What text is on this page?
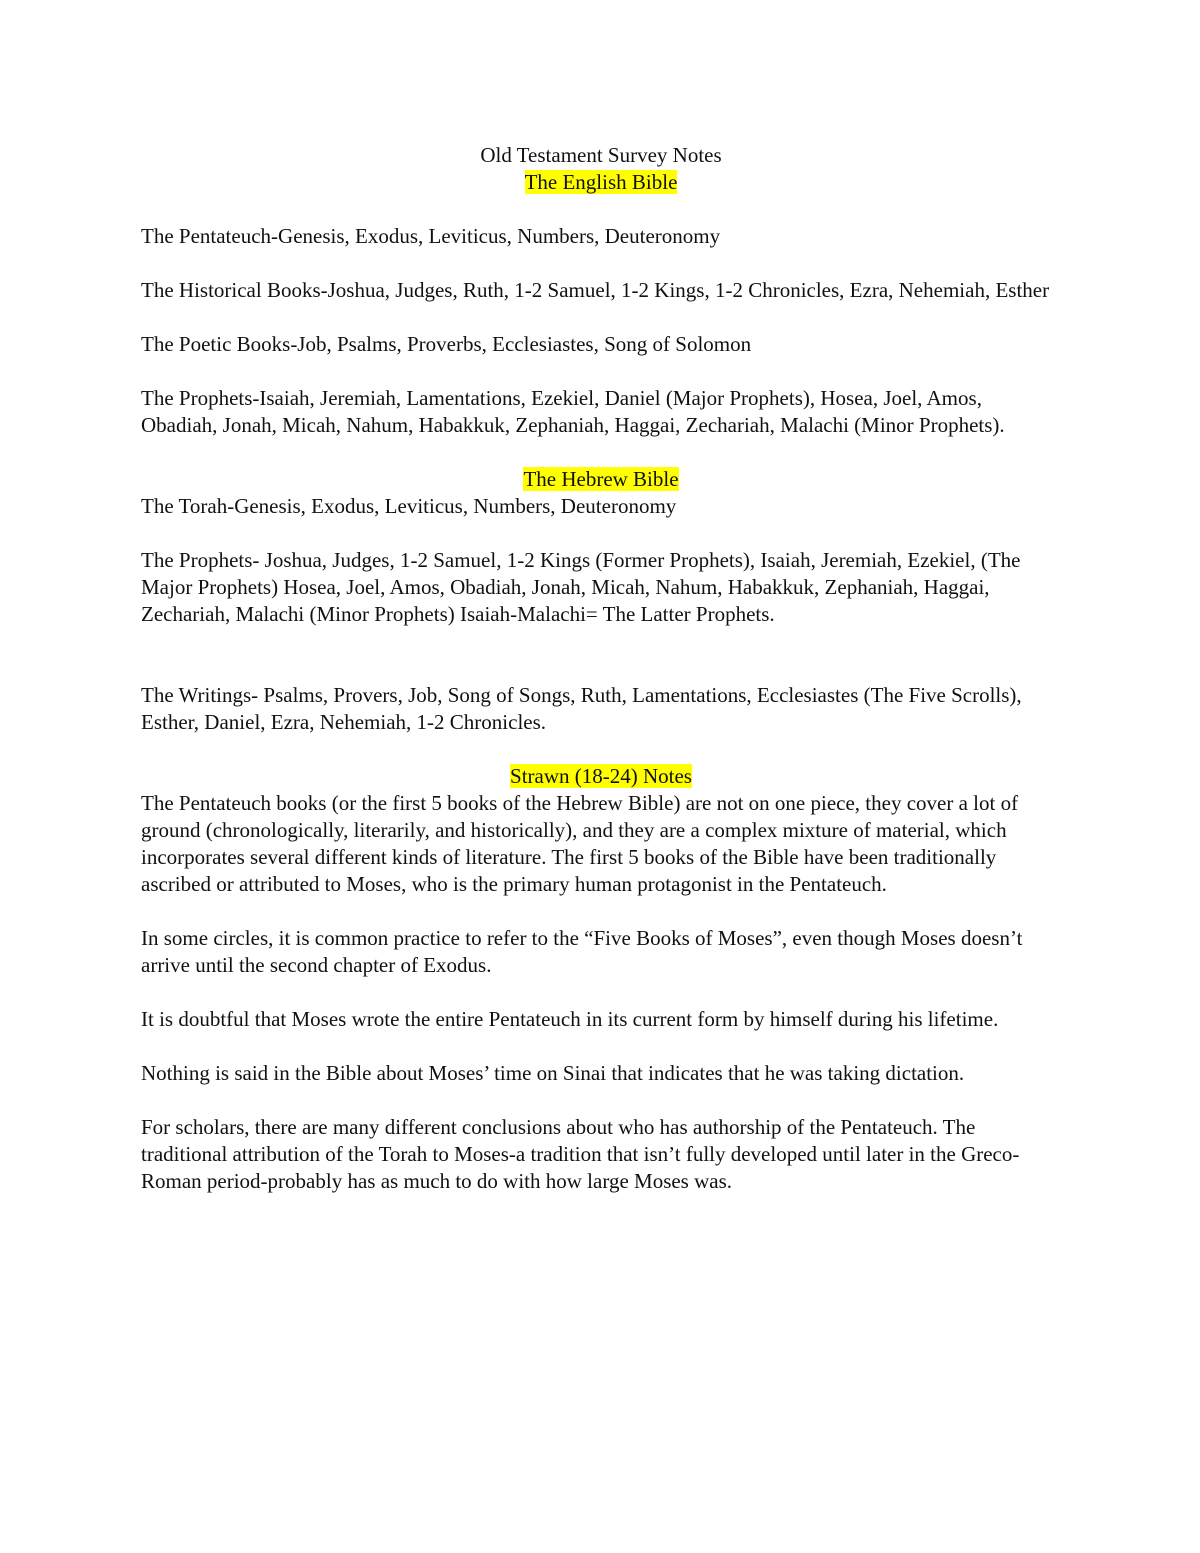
Old Testament Survey Notes

The English Bible

The Pentateuch-Genesis, Exodus, Leviticus, Numbers, Deuteronomy

The Historical Books-Joshua, Judges, Ruth, 1-2 Samuel, 1-2 Kings, 1-2 Chronicles, Ezra, Nehemiah, Esther

The Poetic Books-Job, Psalms, Proverbs, Ecclesiastes, Song of Solomon

The Prophets-Isaiah, Jeremiah, Lamentations, Ezekiel, Daniel (Major Prophets), Hosea, Joel, Amos, Obadiah, Jonah, Micah, Nahum, Habakkuk, Zephaniah, Haggai, Zechariah, Malachi (Minor Prophets).

The Hebrew Bible

The Torah-Genesis, Exodus, Leviticus, Numbers, Deuteronomy

The Prophets- Joshua, Judges, 1-2 Samuel, 1-2 Kings (Former Prophets), Isaiah, Jeremiah, Ezekiel, (The Major Prophets) Hosea, Joel, Amos, Obadiah, Jonah, Micah, Nahum, Habakkuk, Zephaniah, Haggai, Zechariah, Malachi (Minor Prophets) Isaiah-Malachi= The Latter Prophets.

The Writings- Psalms, Provers, Job, Song of Songs, Ruth, Lamentations, Ecclesiastes (The Five Scrolls), Esther, Daniel, Ezra, Nehemiah, 1-2 Chronicles.

Strawn (18-24) Notes

The Pentateuch books (or the first 5 books of the Hebrew Bible) are not on one piece, they cover a lot of ground (chronologically, literarily, and historically), and they are a complex mixture of material, which incorporates several different kinds of literature. The first 5 books of the Bible have been traditionally ascribed or attributed to Moses, who is the primary human protagonist in the Pentateuch.

In some circles, it is common practice to refer to the “Five Books of Moses”, even though Moses doesn’t arrive until the second chapter of Exodus.

It is doubtful that Moses wrote the entire Pentateuch in its current form by himself during his lifetime.

Nothing is said in the Bible about Moses’ time on Sinai that indicates that he was taking dictation.

For scholars, there are many different conclusions about who has authorship of the Pentateuch. The traditional attribution of the Torah to Moses-a tradition that isn’t fully developed until later in the Greco-Roman period-probably has as much to do with how large Moses was.
